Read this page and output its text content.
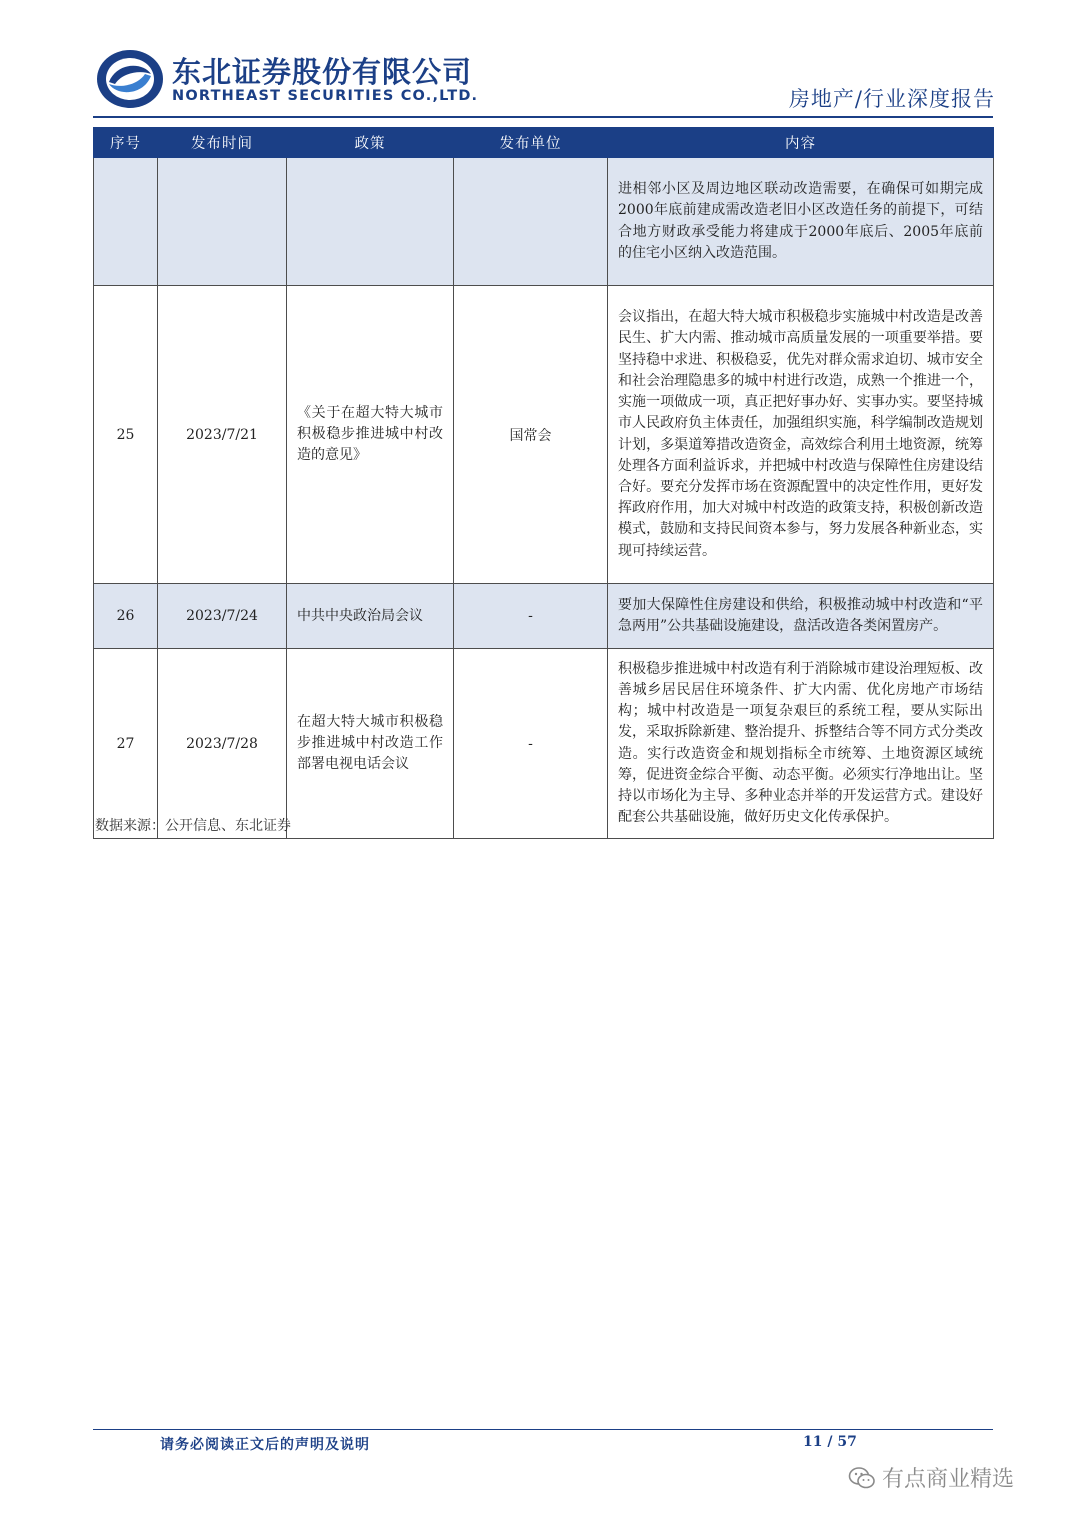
东北证券股份有限公司
NORTHEAST SECURITIES CO.,LTD.	房地产/行业深度报告
序号	发布时间	政策	发布单位	内容
				进相邻小区及周边地区联动改造需要，在确保可如期完成2000年底前建成需改造老旧小区改造任务的前提下，可结合地方财政承受能力将建成于2000年底后、2005年底前的住宅小区纳入改造范围。
25	2023/7/21	《关于在超大特大城市积极稳步推进城中村改造的意见》	国常会	会议指出，在超大特大城市积极稳步实施城中村改造是改善民生、扩大内需、推动城市高质量发展的一项重要举措。要坚持稳中求进、积极稳妥，优先对群众需求迫切、城市安全和社会治理隐患多的城中村进行改造，成熟一个推进一个，实施一项做成一项，真正把好事办好、实事办实。要坚持城市人民政府负主体责任，加强组织实施，科学编制改造规划计划，多渠道筹措改造资金，高效综合利用土地资源，统筹处理各方面利益诉求，并把城中村改造与保障性住房建设结合好。要充分发挥市场在资源配置中的决定性作用，更好发挥政府作用，加大对城中村改造的政策支持，积极创新改造模式，鼓励和支持民间资本参与，努力发展各种新业态，实现可持续运营。
26	2023/7/24	中共中央政治局会议	-	要加大保障性住房建设和供给，积极推动城中村改造和“平急两用”公共基础设施建设，盘活改造各类闲置房产。
27	2023/7/28	在超大特大城市积极稳步推进城中村改造工作部署电视电话会议	-	积极稳步推进城中村改造有利于消除城市建设治理短板、改善城乡居民居住环境条件、扩大内需、优化房地产市场结构；城中村改造是一项复杂艰巨的系统工程，要从实际出发，采取拆除新建、整治提升、拆整结合等不同方式分类改造。实行改造资金和规划指标全市统筹、土地资源区域统筹，促进资金综合平衡、动态平衡。必须实行净地出让。坚持以市场化为主导、多种业态并举的开发运营方式。建设好配套公共基础设施，做好历史文化传承保护。
数据来源：公开信息、东北证券
请务必阅读正文后的声明及说明	11 / 57
有点商业精选
